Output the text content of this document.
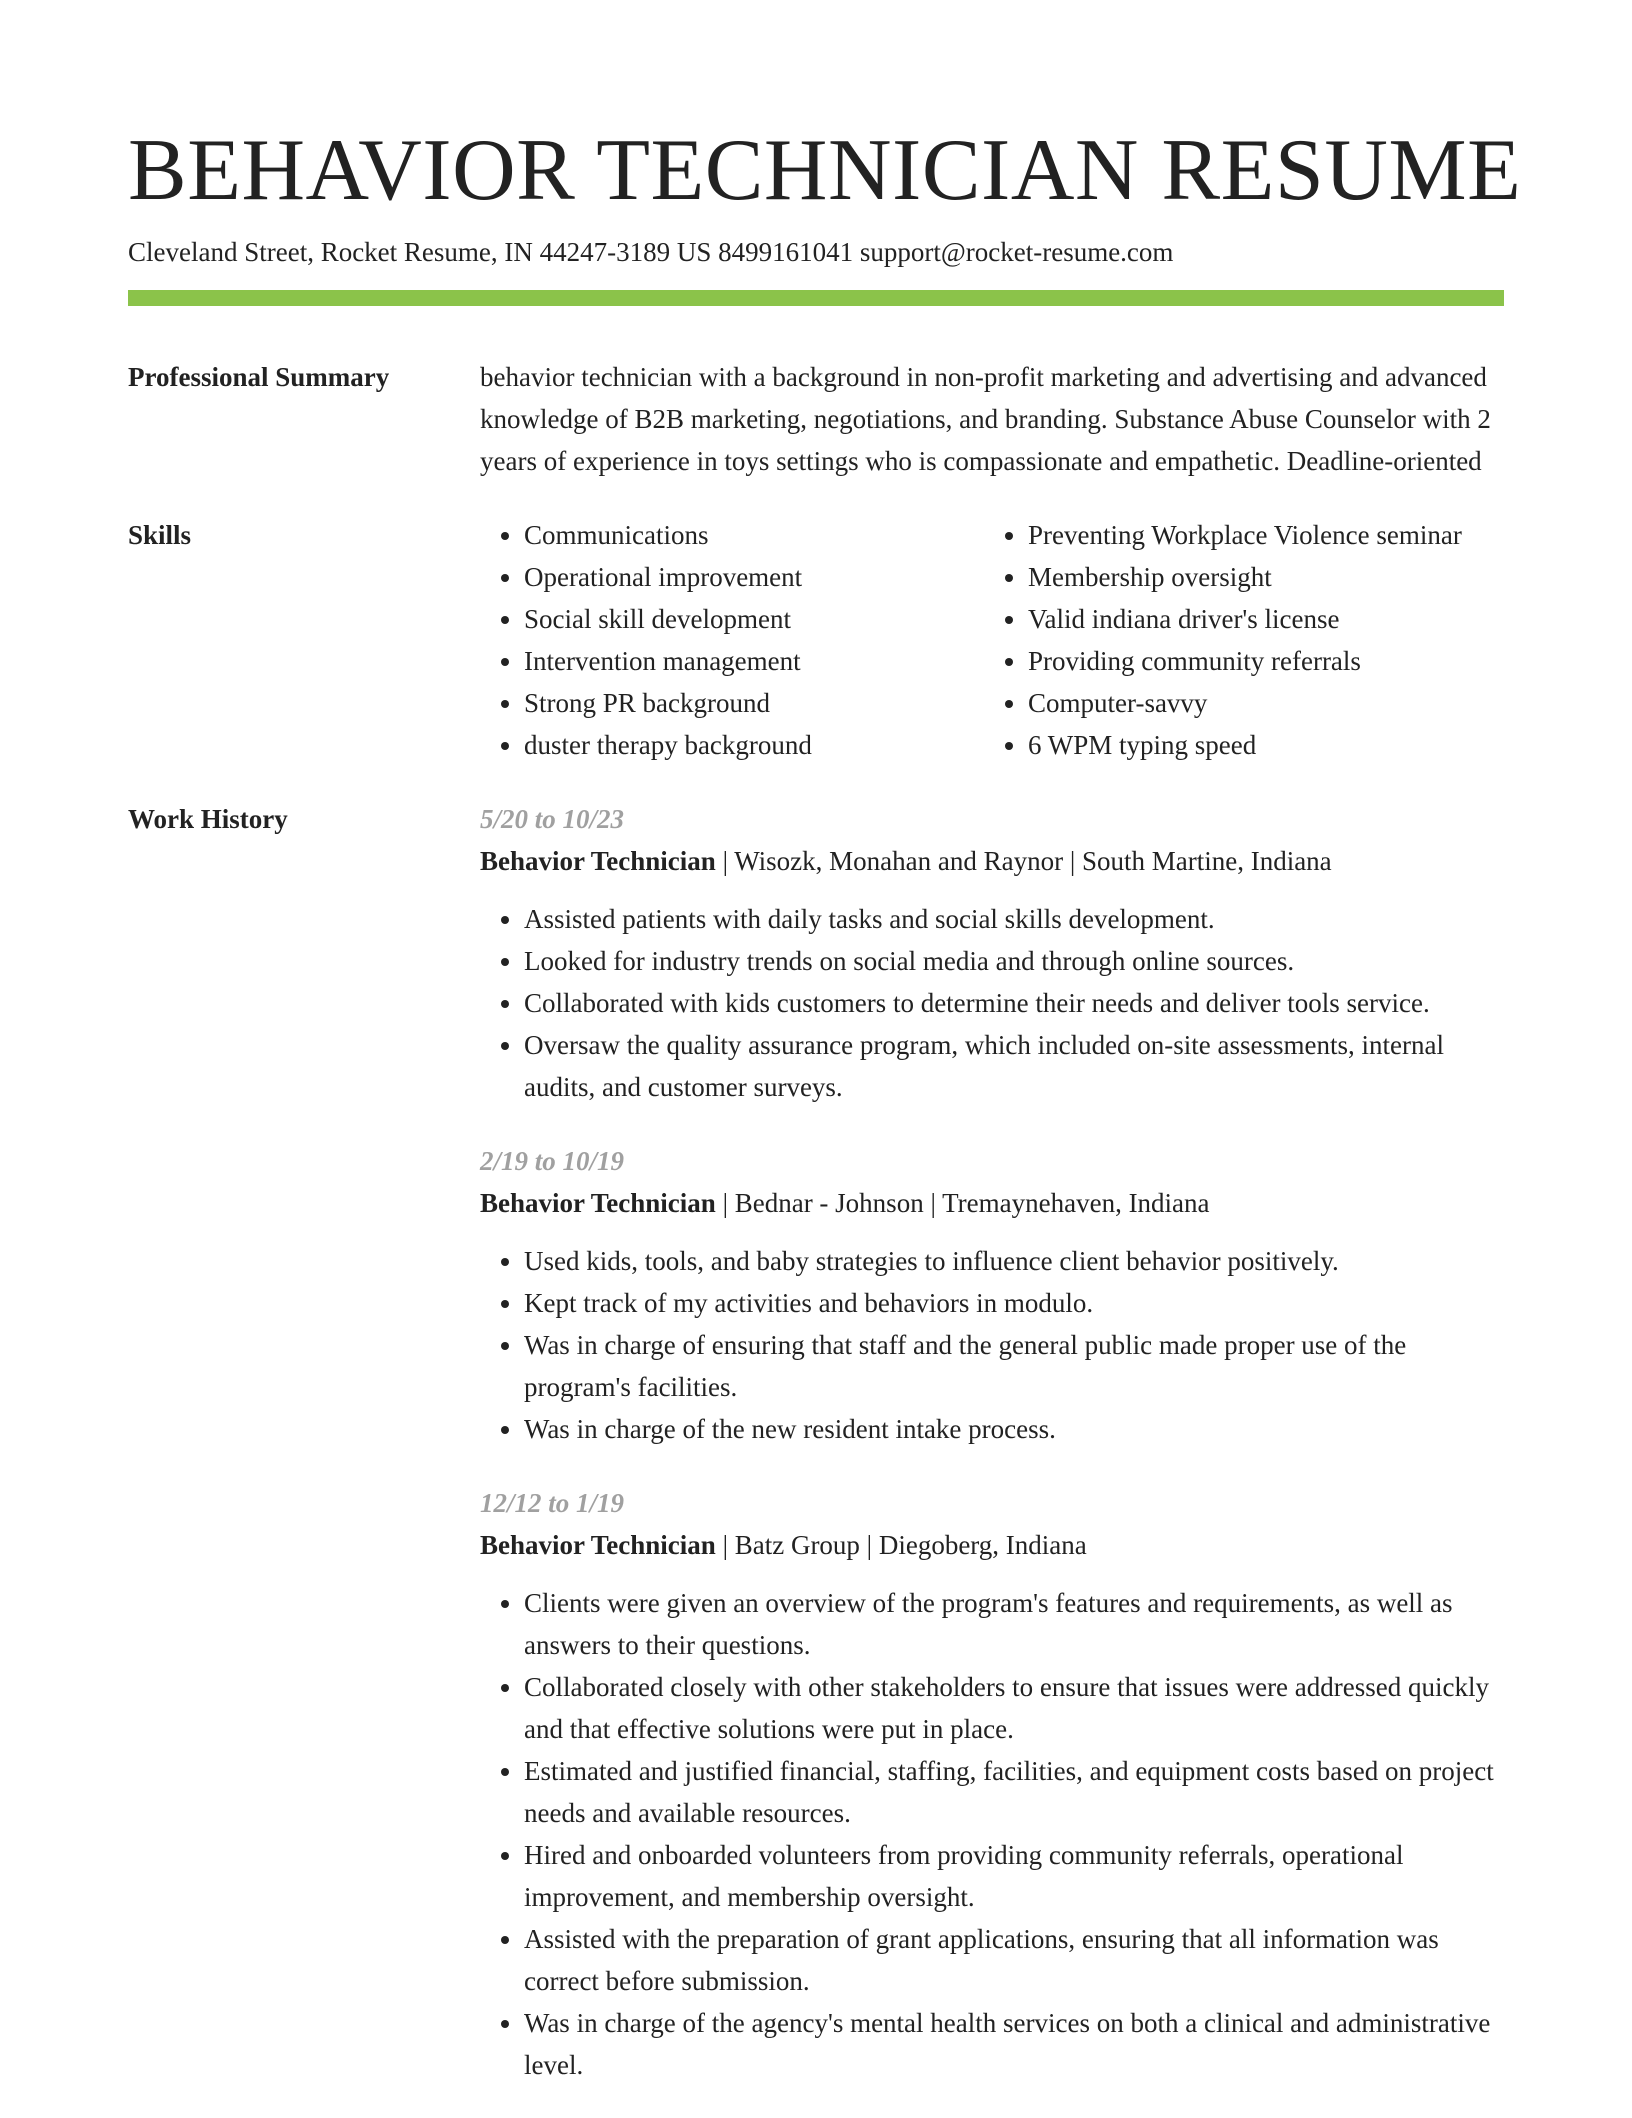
BEHAVIOR TECHNICIAN RESUME
Cleveland Street, Rocket Resume, IN 44247-3189 US 8499161041 support@rocket-resume.com
Professional Summary	behavior technician with a background in non-profit marketing and advertising and advanced knowledge of B2B marketing, negotiations, and branding. Substance Abuse Counselor with 2 years of experience in toys settings who is compassionate and empathetic. Deadline-oriented

Skills
•	Communications
• Operational improvement
• Social skill development
• Intervention management
• Strong PR background
• duster therapy background
• Preventing Workplace Violence seminar
• Membership oversight
• Valid indiana driver's license
• Providing community referrals
• Computer-savvy
• 6 WPM typing speed
Work History	5/20 to 10/23
Behavior Technician | Wisozk, Monahan and Raynor | South Martine, Indiana
• Assisted patients with daily tasks and social skills development.
• Looked for industry trends on social media and through online sources.
• Collaborated with kids customers to determine their needs and deliver tools service.
• Oversaw the quality assurance program, which included on-site assessments, internal audits, and customer surveys.
2/19 to 10/19
Behavior Technician | Bednar - Johnson | Tremaynehaven, Indiana
• Used kids, tools, and baby strategies to influence client behavior positively.
• Kept track of my activities and behaviors in modulo.
• Was in charge of ensuring that staff and the general public made proper use of the program's facilities.
• Was in charge of the new resident intake process.
12/12 to 1/19
Behavior Technician | Batz Group | Diegoberg, Indiana
• Clients were given an overview of the program's features and requirements, as well as answers to their questions.
• Collaborated closely with other stakeholders to ensure that issues were addressed quickly and that effective solutions were put in place.
• Estimated and justified financial, staffing, facilities, and equipment costs based on project needs and available resources.
• Hired and onboarded volunteers from providing community referrals, operational improvement, and membership oversight.
• Assisted with the preparation of grant applications, ensuring that all information was correct before submission.
• Was in charge of the agency's mental health services on both a clinical and administrative level.
